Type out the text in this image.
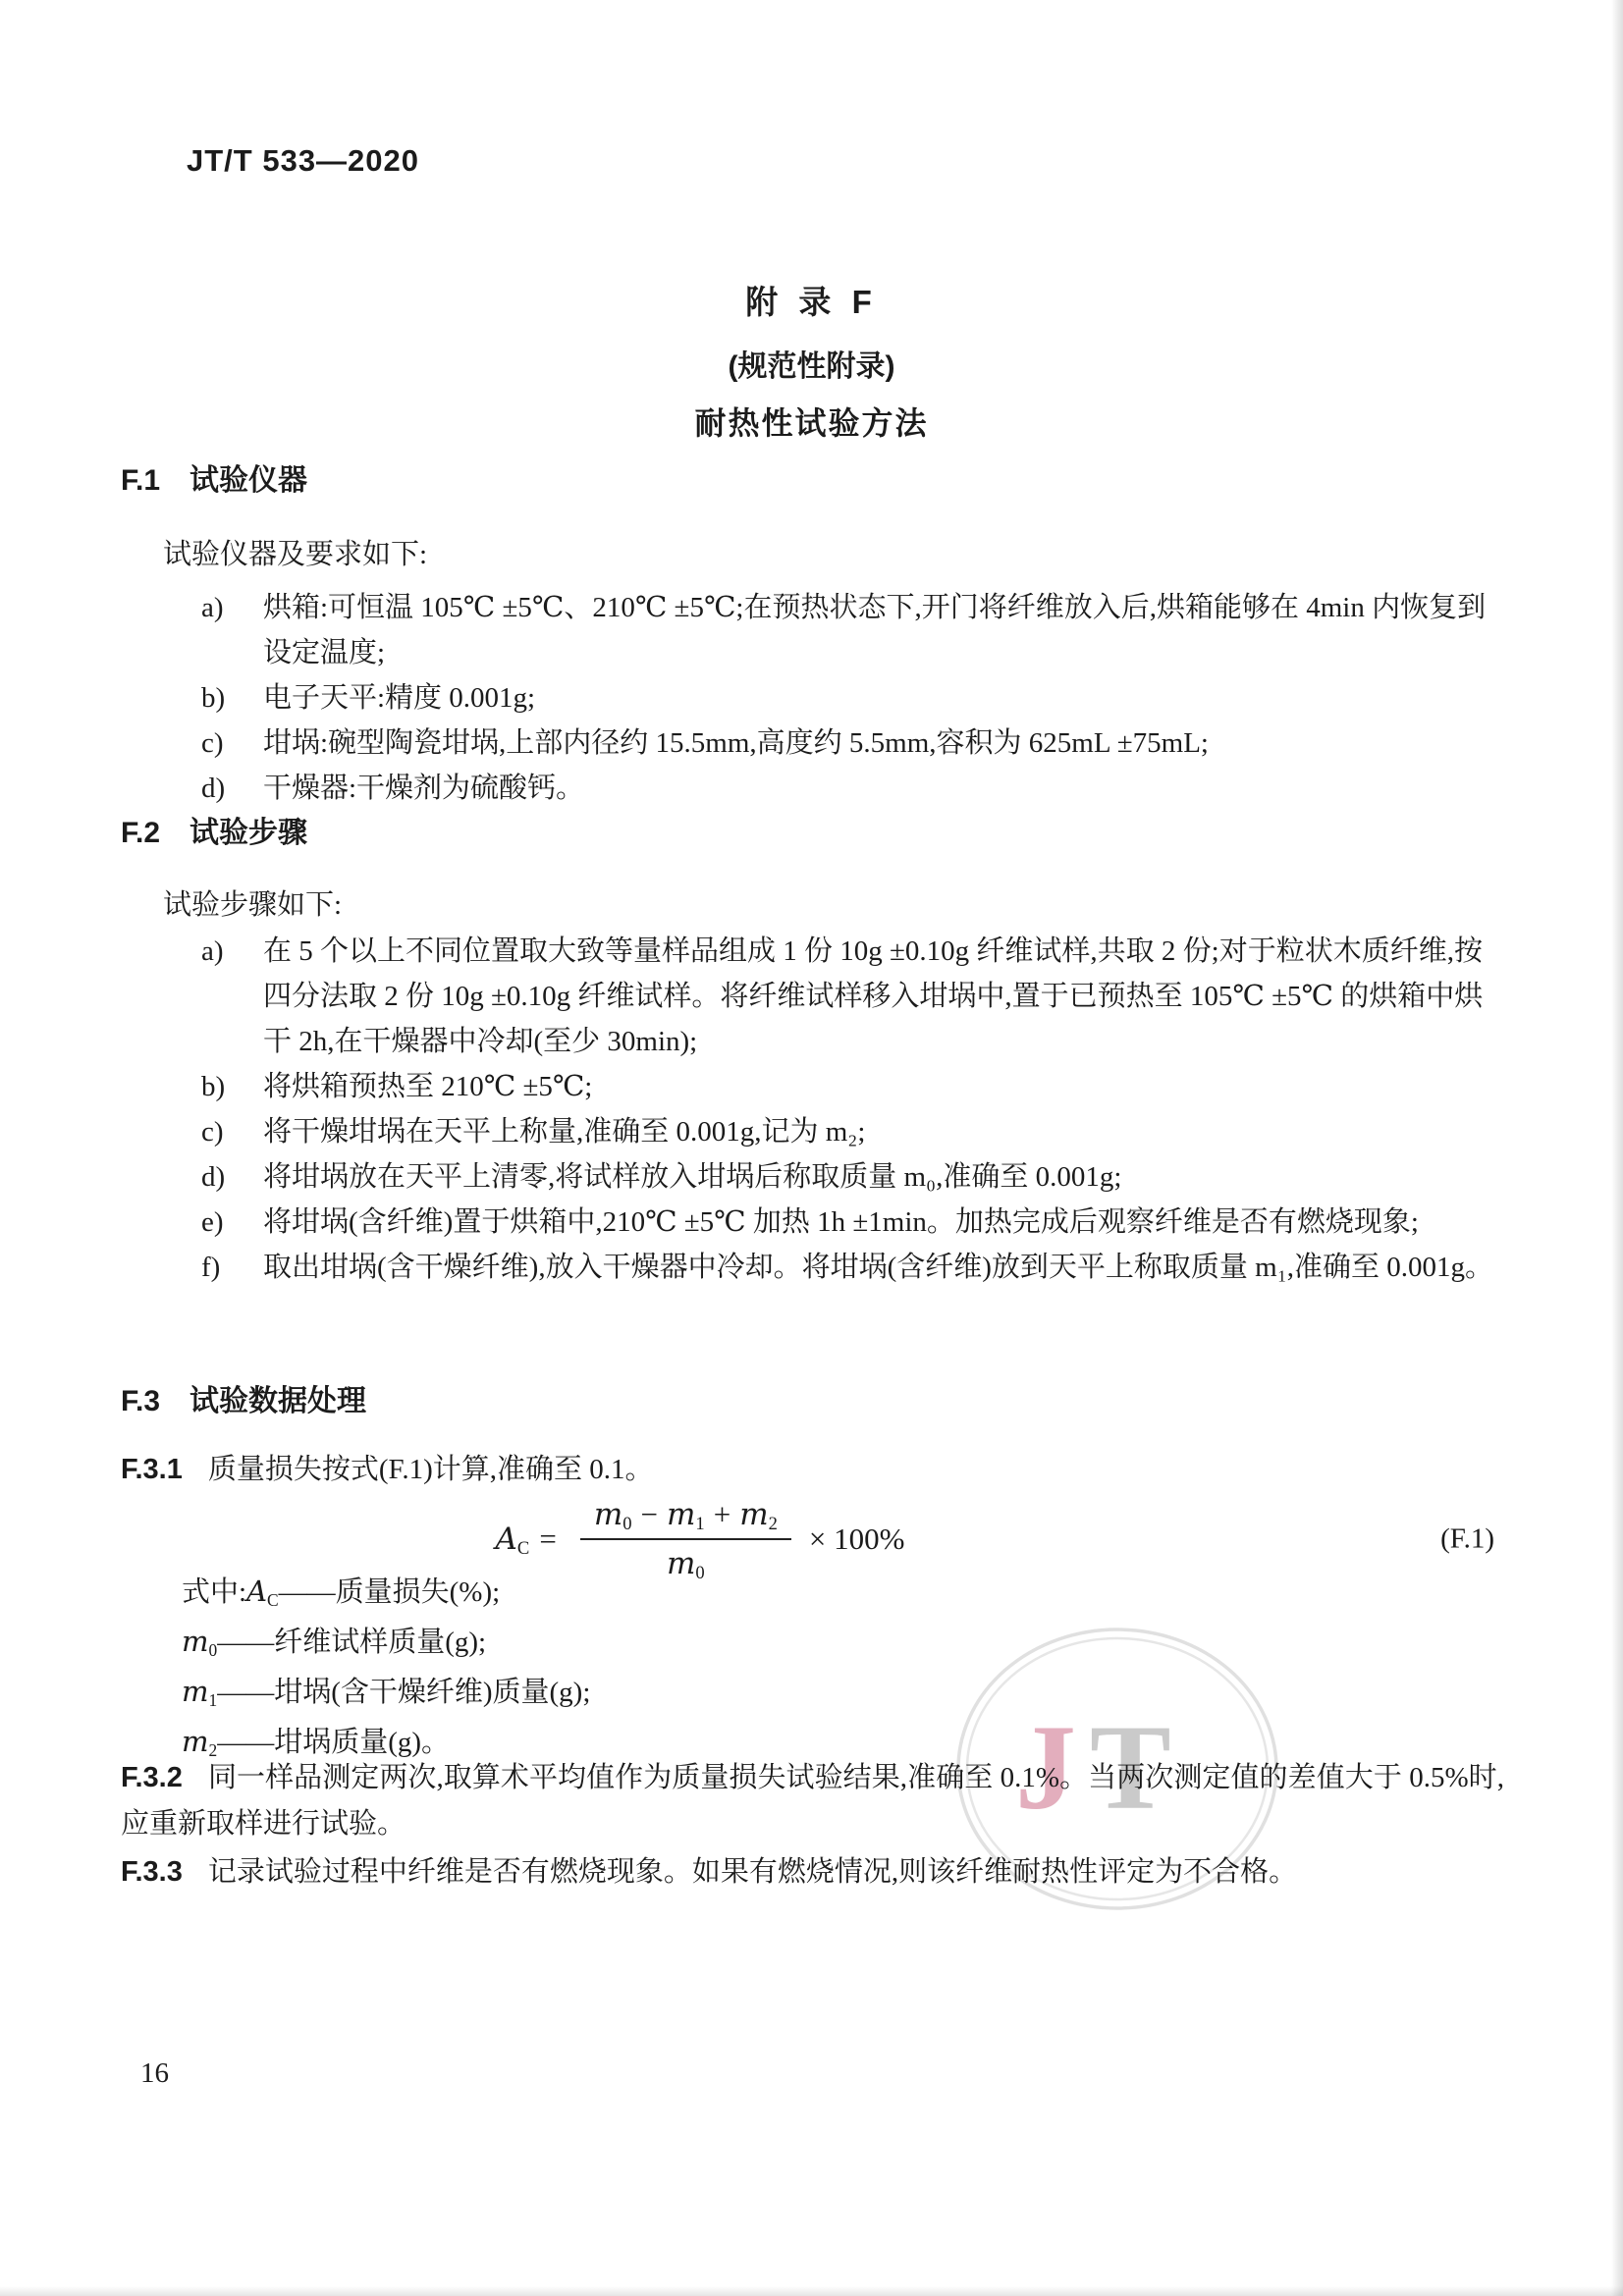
J T
JT/T 533—2020
附 录 F
(规范性附录)
耐热性试验方法
F.1 试验仪器
试验仪器及要求如下:
a) 烘箱:可恒温 105℃ ±5℃、210℃ ±5℃;在预热状态下,开门将纤维放入后,烘箱能够在 4min 内恢复到设定温度;
b) 电子天平:精度 0.001g;
c) 坩埚:碗型陶瓷坩埚,上部内径约 15.5mm,高度约 5.5mm,容积为 625mL ±75mL;
d) 干燥器:干燥剂为硫酸钙。
F.2 试验步骤
试验步骤如下:
a) 在 5 个以上不同位置取大致等量样品组成 1 份 10g ±0.10g 纤维试样,共取 2 份;对于粒状木质纤维,按四分法取 2 份 10g ±0.10g 纤维试样。将纤维试样移入坩埚中,置于已预热至 105℃ ±5℃ 的烘箱中烘干 2h,在干燥器中冷却(至少 30min);
b) 将烘箱预热至 210℃ ±5℃;
c) 将干燥坩埚在天平上称量,准确至 0.001g,记为 m₂;
d) 将坩埚放在天平上清零,将试样放入坩埚后称取质量 m₀,准确至 0.001g;
e) 将坩埚(含纤维)置于烘箱中,210℃ ±5℃ 加热 1h ±1min。加热完成后观察纤维是否有燃烧现象;
f) 取出坩埚(含干燥纤维),放入干燥器中冷却。将坩埚(含纤维)放到天平上称取质量 m₁,准确至 0.001g。
F.3 试验数据处理
F.3.1 质量损失按式(F.1)计算,准确至 0.1。
$A_C = \frac{m_0 - m_1 + m_2}{m_0} \times 100\%$	(F.1)
式中$:A_C——$质量损失(%);
$m_0——$纤维试样质量(g);
$m_1——$坩埚(含干燥纤维)质量(g);
$m_2——$坩埚质量(g)。
F.3.2 同一样品测定两次,取算术平均值作为质量损失试验结果,准确至 0.1%。当两次测定值的差值大于 0.5%时,应重新取样进行试验。
F.3.3 记录试验过程中纤维是否有燃烧现象。如果有燃烧情况,则该纤维耐热性评定为不合格。
16
